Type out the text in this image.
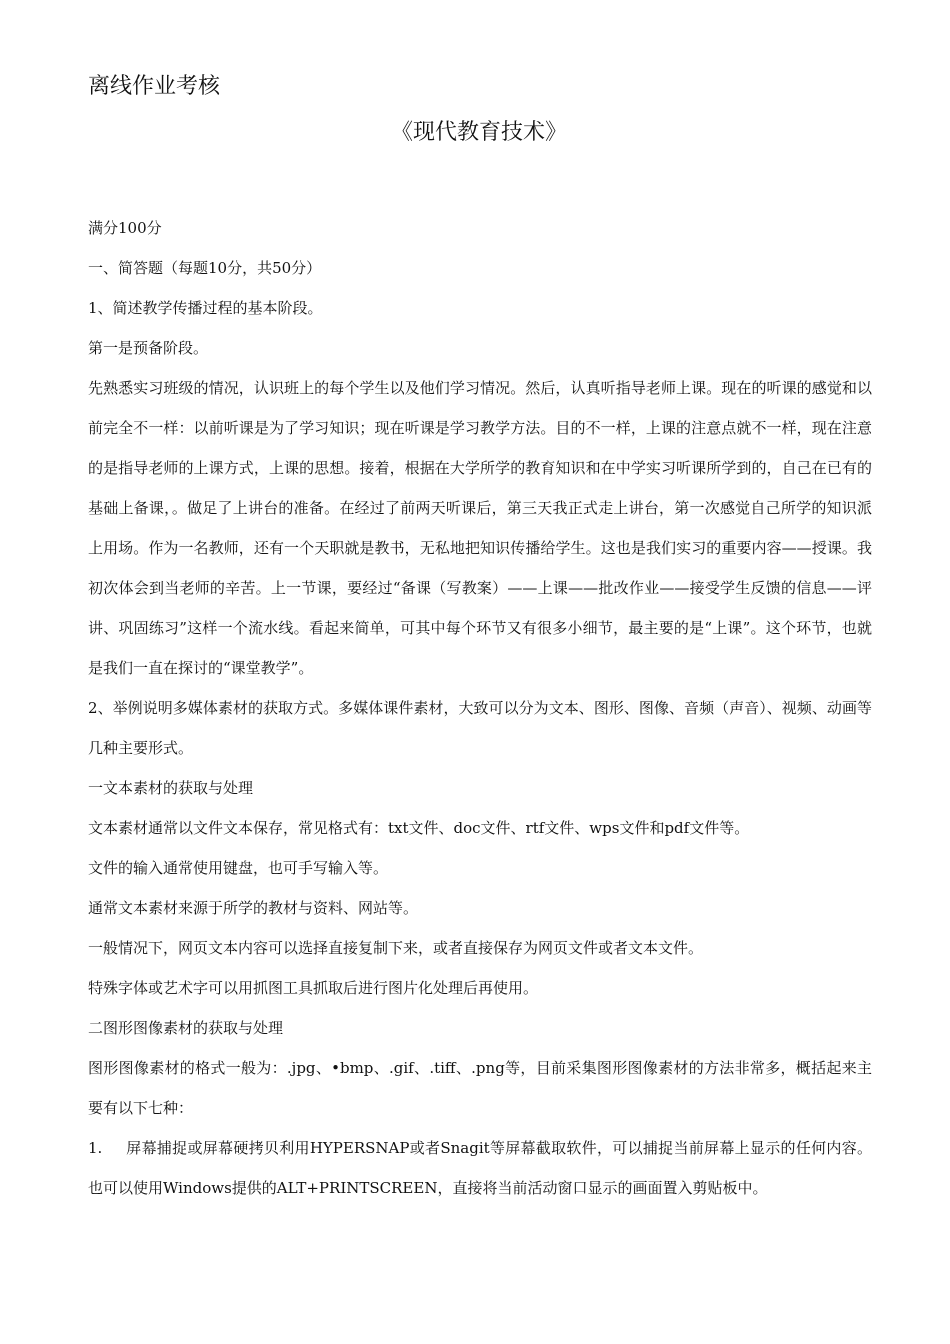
离线作业考核
《现代教育技术》

满分100分

一、简答题（每题10分，共50分）

1、简述教学传播过程的基本阶段。

第一是预备阶段。

先熟悉实习班级的情况，认识班上的每个学生以及他们学习情况。然后，认真听指导老师上课。现在的听课的感觉和以前完全不一样：以前听课是为了学习知识；现在听课是学习教学方法。目的不一样，上课的注意点就不一样，现在注意的是指导老师的上课方式，上课的思想。接着，根据在大学所学的教育知识和在中学实习听课所学到的，自己在已有的基础上备课，。做足了上讲台的准备。在经过了前两天听课后，第三天我正式走上讲台，第一次感觉自己所学的知识派上用场。作为一名教师，还有一个天职就是教书，无私地把知识传播给学生。这也是我们实习的重要内容——授课。我初次体会到当老师的辛苦。上一节课，要经过“备课（写教案）——上课——批改作业——接受学生反馈的信息——评讲、巩固练习”这样一个流水线。看起来简单，可其中每个环节又有很多小细节，最主要的是“上课”。这个环节，也就是我们一直在探讨的“课堂教学”。

2、举例说明多媒体素材的获取方式。多媒体课件素材，大致可以分为文本、图形、图像、音频（声音）、视频、动画等几种主要形式。

一文本素材的获取与处理

文本素材通常以文件文本保存，常见格式有：txt文件、doc文件、rtf文件、wps文件和pdf文件等。

文件的输入通常使用键盘，也可手写输入等。

通常文本素材来源于所学的教材与资料、网站等。

一般情况下，网页文本内容可以选择直接复制下来，或者直接保存为网页文件或者文本文件。

特殊字体或艺术字可以用抓图工具抓取后进行图片化处理后再使用。

二图形图像素材的获取与处理

图形图像素材的格式一般为：.jpg、•bmp、.gif、.tiff、.png等，目前采集图形图像素材的方法非常多，概括起来主要有以下七种：

1. 屏幕捕捉或屏幕硬拷贝利用HYPERSNAP或者Snagit等屏幕截取软件，可以捕捉当前屏幕上显示的任何内容。也可以使用Windows提供的ALT+PRINTSCREEN，直接将当前活动窗口显示的画面置入剪贴板中。
